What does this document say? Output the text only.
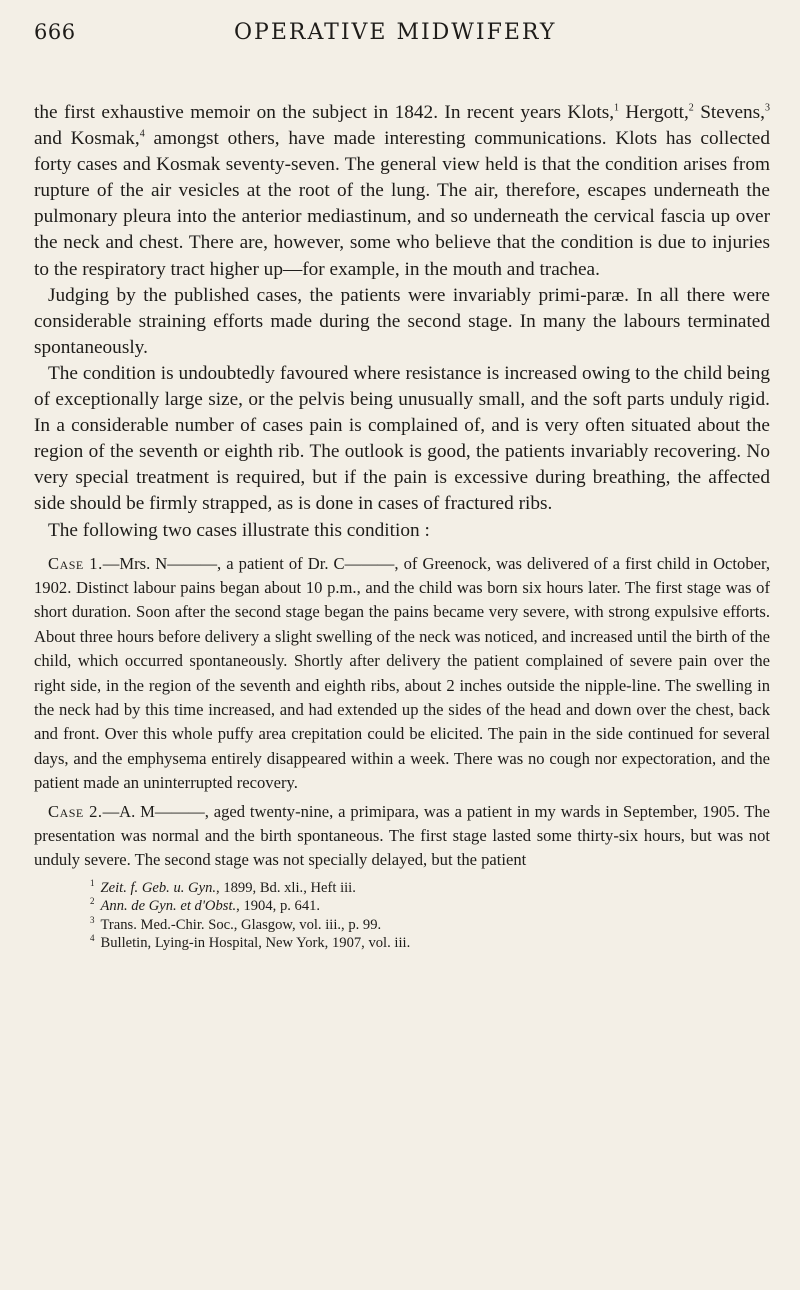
666	OPERATIVE MIDWIFERY

the first exhaustive memoir on the subject in 1842. In recent years Klots,$^1$ Hergott,$^2$ Stevens,$^3$ and Kosmak,$^4$ amongst others, have made interesting communications. Klots has collected forty cases and Kosmak seventy-seven. The general view held is that the condition arises from rupture of the air vesicles at the root of the lung. The air, therefore, escapes underneath the pulmonary pleura into the anterior mediastinum, and so underneath the cervical fascia up over the neck and chest. There are, however, some who believe that the condition is due to injuries to the respiratory tract higher up—for example, in the mouth and trachea.

Judging by the published cases, the patients were invariably primi-paræ. In all there were considerable straining efforts made during the second stage. In many the labours terminated spontaneously.

The condition is undoubtedly favoured where resistance is increased owing to the child being of exceptionally large size, or the pelvis being unusually small, and the soft parts unduly rigid. In a considerable number of cases pain is complained of, and is very often situated about the region of the seventh or eighth rib. The outlook is good, the patients invariably recovering. No very special treatment is required, but if the pain is excessive during breathing, the affected side should be firmly strapped, as is done in cases of fractured ribs.

The following two cases illustrate this condition :

Case 1.—Mrs. N———, a patient of Dr. C———, of Greenock, was delivered of a first child in October, 1902. Distinct labour pains began about 10 p.m., and the child was born six hours later. The first stage was of short duration. Soon after the second stage began the pains became very severe, with strong expulsive efforts. About three hours before delivery a slight swelling of the neck was noticed, and increased until the birth of the child, which occurred spontaneously. Shortly after delivery the patient complained of severe pain over the right side, in the region of the seventh and eighth ribs, about 2 inches outside the nipple-line. The swelling in the neck had by this time increased, and had extended up the sides of the head and down over the chest, back and front. Over this whole puffy area crepitation could be elicited. The pain in the side continued for several days, and the emphysema entirely disappeared within a week. There was no cough nor expectoration, and the patient made an uninterrupted recovery.

Case 2.—A. M———, aged twenty-nine, a primipara, was a patient in my wards in September, 1905. The presentation was normal and the birth spontaneous. The first stage lasted some thirty-six hours, but was not unduly severe. The second stage was not specially delayed, but the patient

$^1$ Zeit. f. Geb. u. Gyn., 1899, Bd. xli., Heft iii.
$^2$ Ann. de Gyn. et d'Obst., 1904, p. 641.
$^3$ Trans. Med.-Chir. Soc., Glasgow, vol. iii., p. 99.
$^4$ Bulletin, Lying-in Hospital, New York, 1907, vol. iii.
